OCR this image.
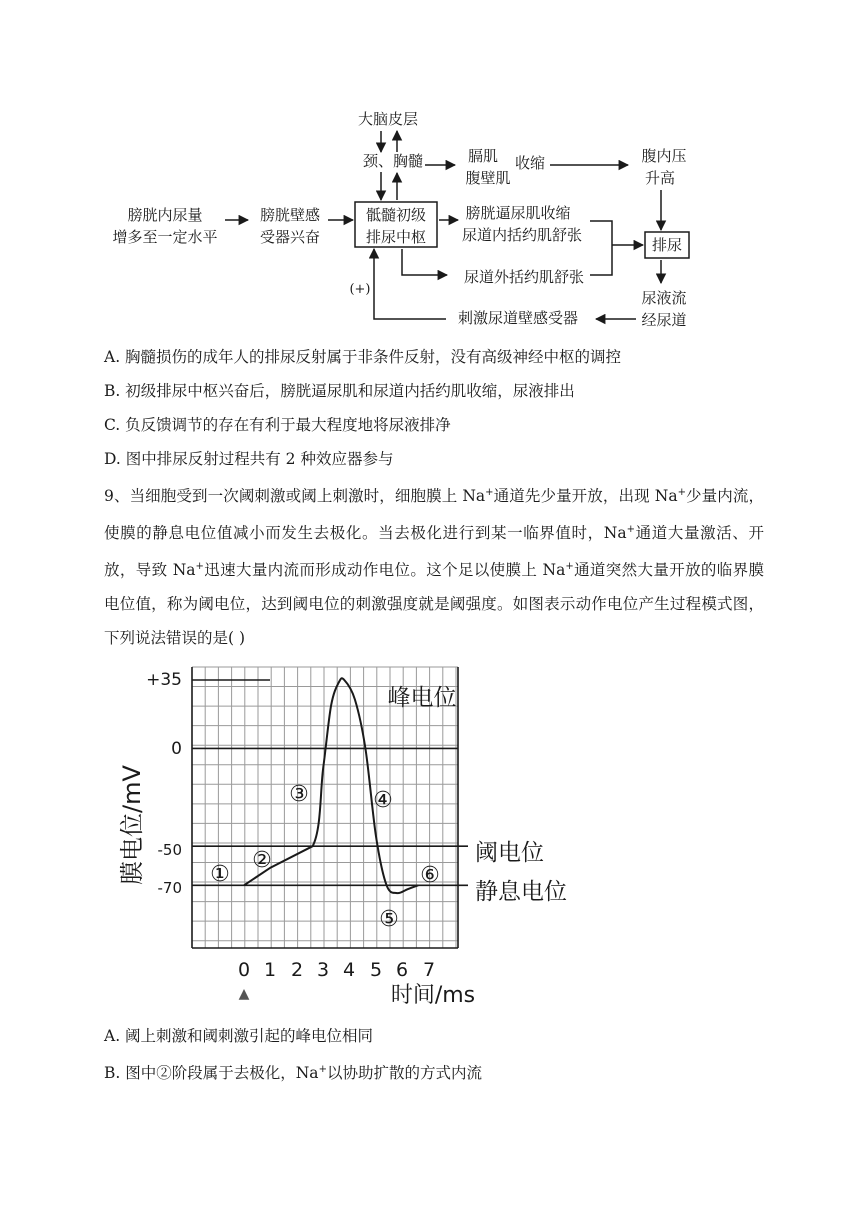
大脑皮层
颈、胸髓	膈肌
腹壁肌
收缩	腹内压
升高
膀胱内尿量
增多至一定水平
膀胱壁感
受器兴奋
骶髓初级
排尿中枢
膀胱逼尿肌收缩
尿道内括约肌舒张
排尿
尿道外括约肌舒张
(+)
刺激尿道壁感受器
尿液流
经尿道
A. 胸髓损伤的成年人的排尿反射属于非条件反射，没有高级神经中枢的调控
B. 初级排尿中枢兴奋后，膀胱逼尿肌和尿道内括约肌收缩，尿液排出
C. 负反馈调节的存在有利于最大程度地将尿液排净
D. 图中排尿反射过程共有 2 种效应器参与
9、当细胞受到一次阈刺激或阈上刺激时，细胞膜上 Na+通道先少量开放，出现 Na+少量内流，使膜的静息电位值减小而发生去极化。当去极化进行到某一临界值时，Na+通道大量激活、开放，导致 Na+迅速大量内流而形成动作电位。这个足以使膜上 Na+通道突然大量开放的临界膜电位值，称为阈电位，达到阈电位的刺激强度就是阈强度。如图表示动作电位产生过程模式图，下列说法错误的是( )
+35
0
-50
-70
膜电位/mV
0 1 2 3 4 5 6 7
▲	时间/ms
峰电位
阈电位
静息电位
①
②
③	④
⑤
⑥
A. 阈上刺激和阈刺激引起的峰电位相同
B. 图中②阶段属于去极化，Na+以协助扩散的方式内流
